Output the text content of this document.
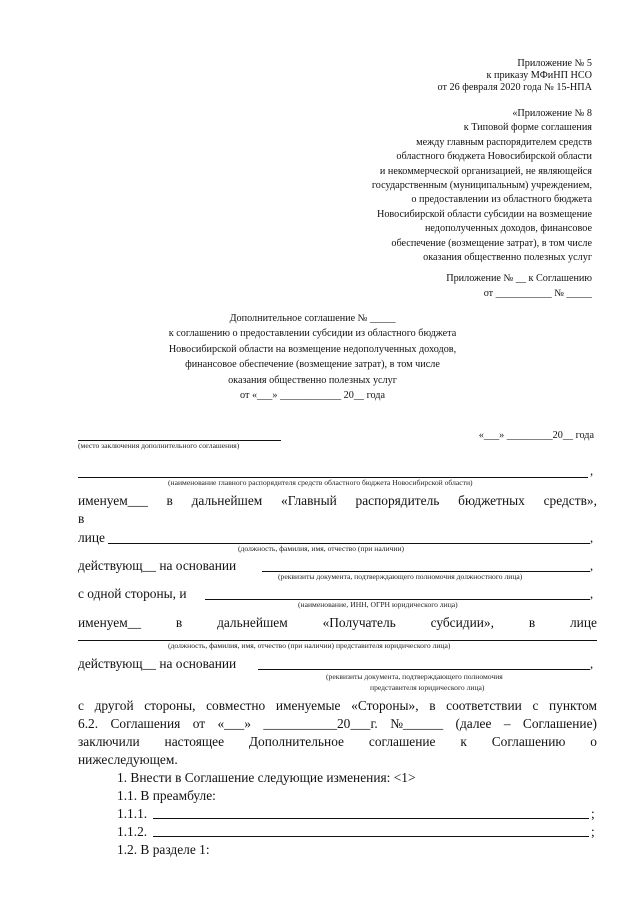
Приложение № 5
к приказу МФиНП НСО
от 26 февраля 2020 года № 15-НПА
«Приложение № 8
к Типовой форме соглашения
между главным распорядителем средств
областного бюджета Новосибирской области
и некоммерческой организацией, не являющейся
государственным (муниципальным) учреждением,
о предоставлении из областного бюджета
Новосибирской области субсидии на возмещение
недополученных доходов, финансовое
обеспечение (возмещение затрат), в том числе
оказания общественно полезных услуг
Приложение № __ к Соглашению
от ___________ № _____
Дополнительное соглашение № _____
к соглашению о предоставлении субсидии из областного бюджета
Новосибирской области на возмещение недополученных доходов,
финансовое обеспечение (возмещение затрат), в том числе
оказания общественно полезных услуг
от «___» ____________ 20__ года
(место заключения дополнительного соглашения)
«___» _________20__ года
,
(наименование главного распорядителя средств областного бюджета Новосибирской области)
именуем___ в дальнейшем «Главный распорядитель бюджетных средств»,
в
лице	,
(должность, фамилия, имя, отчество (при наличии)
действующ__ на основании	,
(реквизиты документа, подтверждающего полномочия должностного лица)
с одной стороны, и	,
(наименование, ИНН, ОГРН юридического лица)
именуем__	в	дальнейшем	«Получатель	субсидии»,	в	лице
(должность, фамилия, имя, отчество (при наличии) представителя юридического лица)
действующ__ на основании	,
(реквизиты документа, подтверждающего полномочия
представителя юридического лица)
с другой стороны, совместно именуемые «Стороны», в соответствии с пунктом
6.2. Соглашения от «___» ___________20___г. №______ (далее – Соглашение)
заключили настоящее Дополнительное соглашение к Соглашению о
нижеследующем.
1. Внести в Соглашение следующие изменения: <1>
1.1. В преамбуле:
1.1.1.	;
1.1.2.	;
1.2. В разделе 1:
